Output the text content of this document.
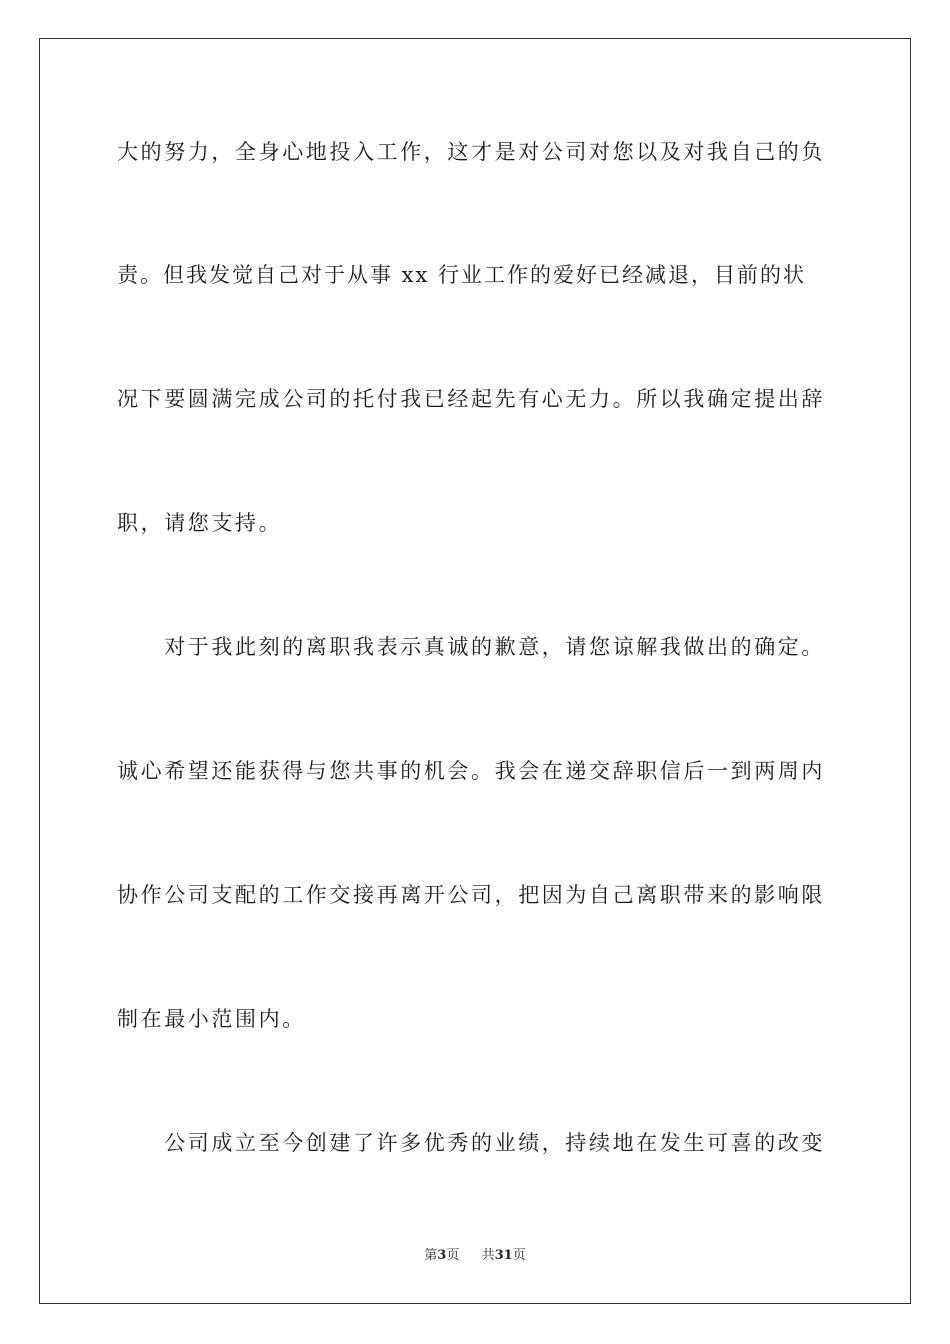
大的努力，全身心地投入工作，这才是对公司对您以及对我自己的负
责。但我发觉自己对于从事 xx 行业工作的爱好已经减退，目前的状
况下要圆满完成公司的托付我已经起先有心无力。所以我确定提出辞
职，请您支持。
　　对于我此刻的离职我表示真诚的歉意，请您谅解我做出的确定。
诚心希望还能获得与您共事的机会。我会在递交辞职信后一到两周内
协作公司支配的工作交接再离开公司，把因为自己离职带来的影响限
制在最小范围内。
　　公司成立至今创建了许多优秀的业绩，持续地在发生可喜的改变
第3页 共31页
